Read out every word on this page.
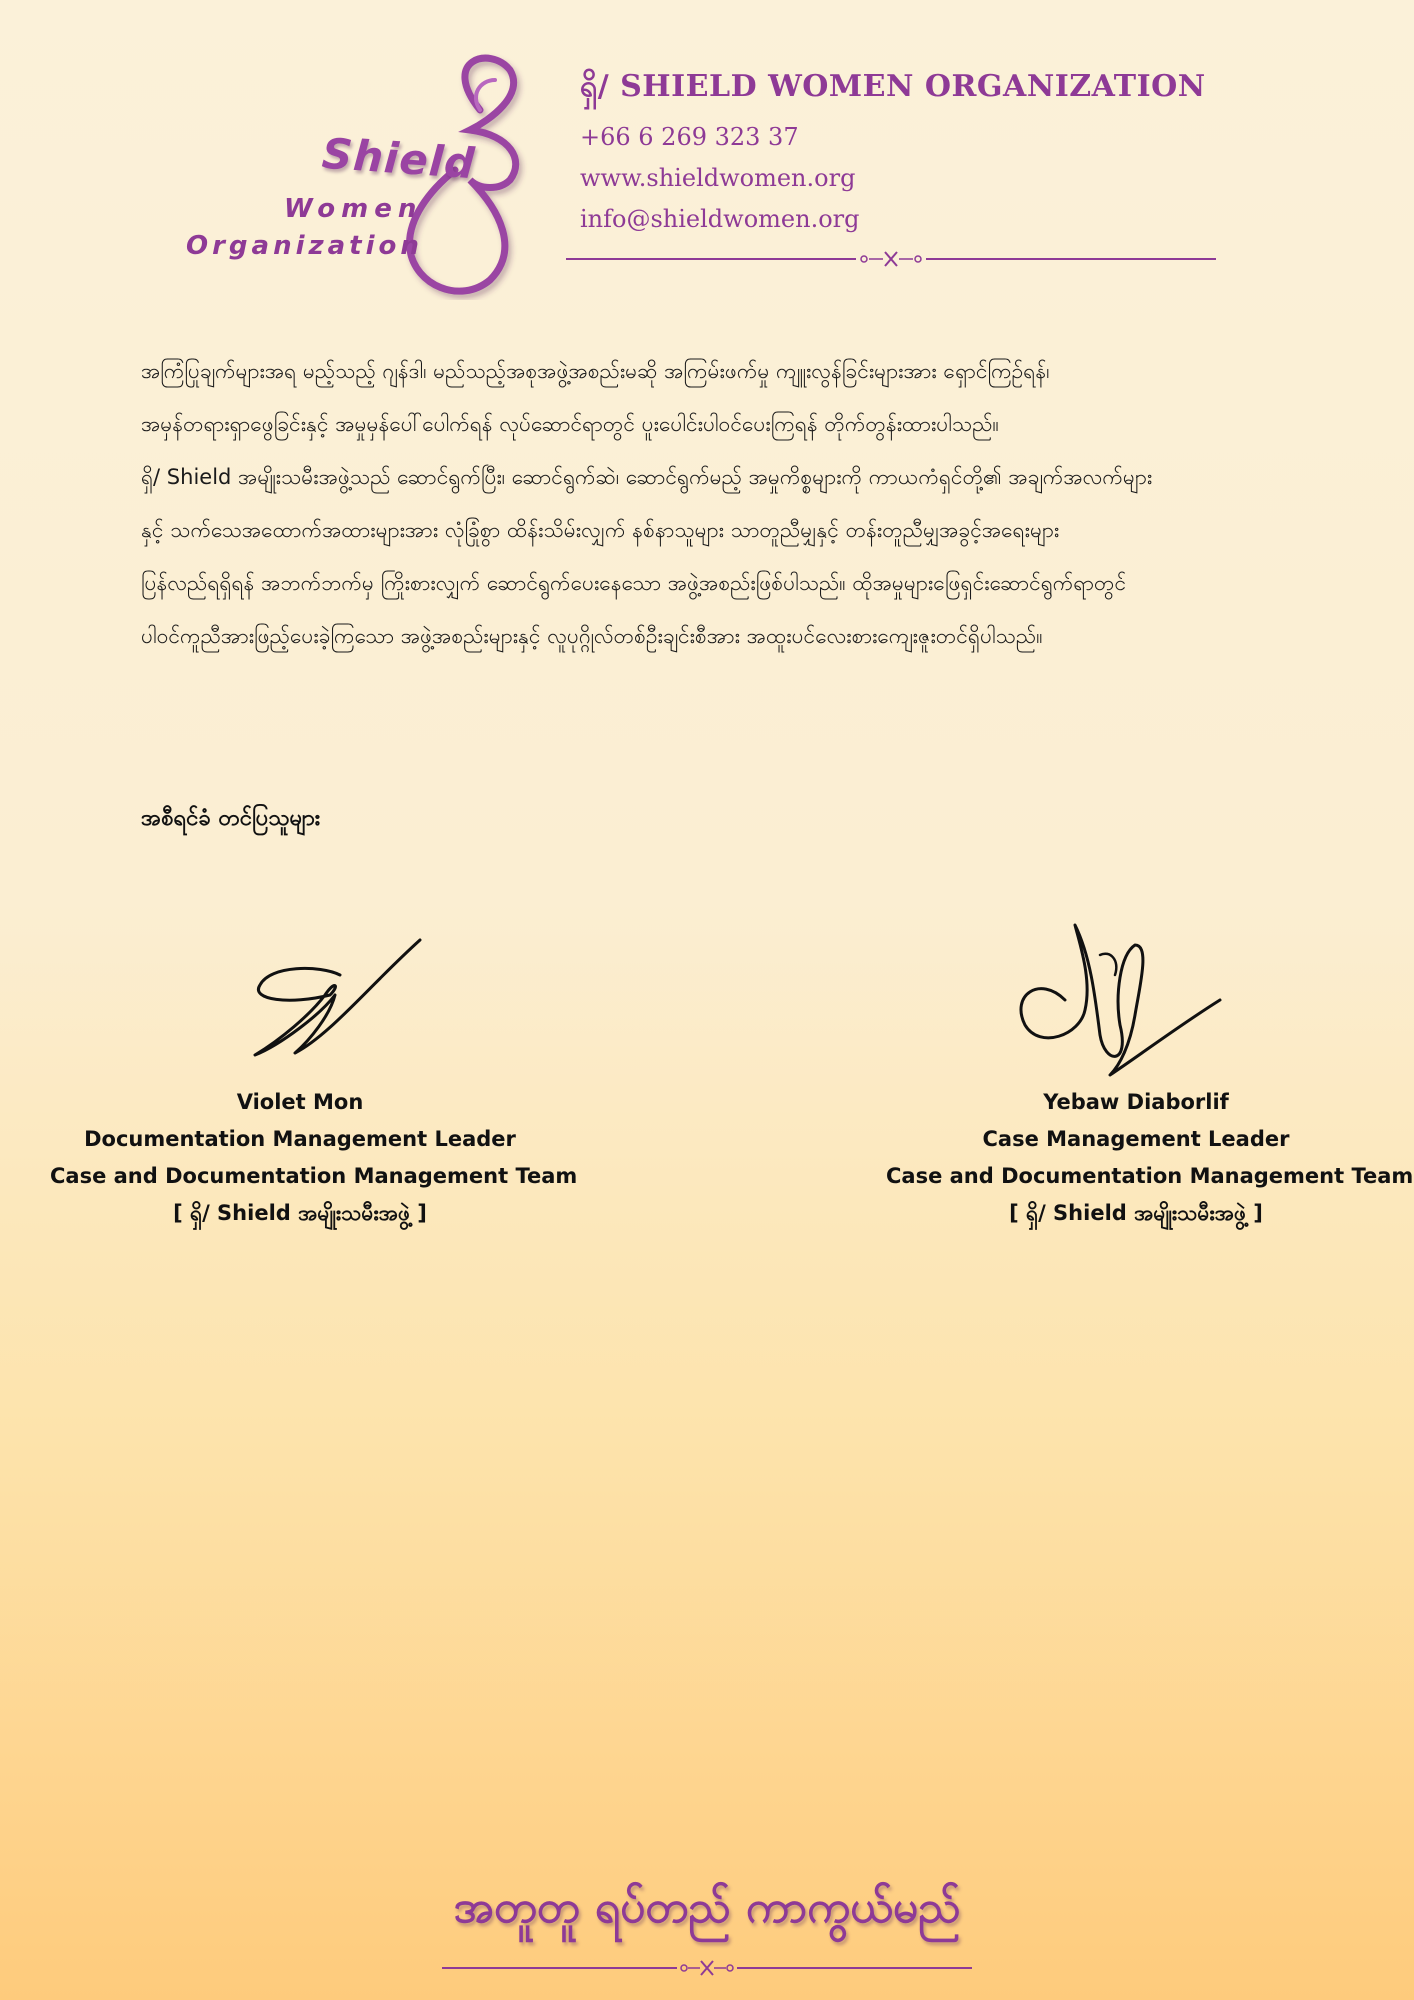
Shield
Women
Organization
ရှိ/ SHIELD WOMEN ORGANIZATION
+66 6 269 323 37
www.shieldwomen.org
info@shieldwomen.org

အကြံပြုချက်များအရ မည့်သည့် ဂျန်ဒါ၊ မည်သည့်အစုအဖွဲ့အစည်းမဆို အကြမ်းဖက်မှု ကျူးလွန်ခြင်းများအား ရှောင်ကြဉ်ရန်၊

အမှန်တရားရှာဖွေခြင်းနှင့် အမှုမှန်ပေါ်ပေါက်ရန် လုပ်ဆောင်ရာတွင် ပူးပေါင်းပါဝင်ပေးကြရန် တိုက်တွန်းထားပါသည်။

ရှိ/ Shield အမျိုးသမီးအဖွဲ့သည် ဆောင်ရွက်ပြီး၊ ဆောင်ရွက်ဆဲ၊ ဆောင်ရွက်မည့် အမှုကိစ္စများကို ကာယကံရှင်တို့၏ အချက်အလက်များ

နှင့် သက်သေအထောက်အထားများအား လုံခြုံစွာ ထိန်းသိမ်းလျှက် နစ်နာသူများ သာတူညီမျှနှင့် တန်းတူညီမျှအခွင့်အရေးများ

ပြန်လည်ရရှိရန် အဘက်ဘက်မှ ကြိုးစားလျှက် ဆောင်ရွက်ပေးနေသော အဖွဲ့အစည်းဖြစ်ပါသည်။ ထိုအမှုများဖြေရှင်းဆောင်ရွက်ရာတွင်

ပါဝင်ကူညီအားဖြည့်ပေးခဲ့ကြသော အဖွဲ့အစည်းများနှင့် လူပုဂ္ဂိုလ်တစ်ဦးချင်းစီအား အထူးပင်လေးစားကျေးဇူးတင်ရှိပါသည်။

အစီရင်ခံ တင်ပြသူများ
Violet Mon
Documentation Management Leader
Case and Documentation Management Team
[ ရှိ/ Shield အမျိုးသမီးအဖွဲ့ ]
Yebaw Diaborlif
Case Management Leader
Case and Documentation Management Team
[ ရှိ/ Shield အမျိုးသမီးအဖွဲ့ ]
အတူတူ ရပ်တည် ကာကွယ်မည်
